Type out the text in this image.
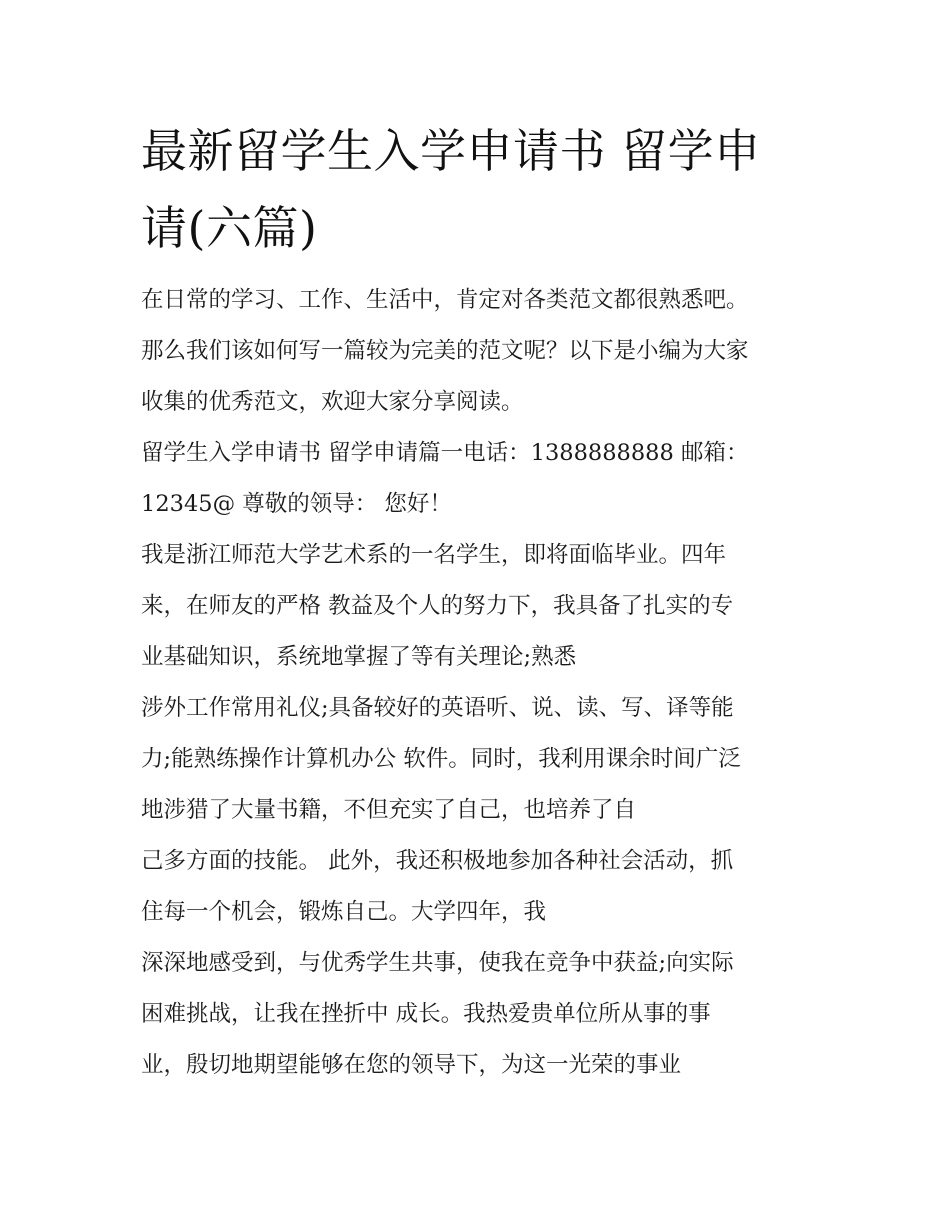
最新留学生入学申请书 留学申
请(六篇)
在日常的学习、工作、生活中，肯定对各类范文都很熟悉吧。
那么我们该如何写一篇较为完美的范文呢？以下是小编为大家
收集的优秀范文，欢迎大家分享阅读。
留学生入学申请书 留学申请篇一电话：1388888888 邮箱：
12345@ 尊敬的领导： 您好！
我是浙江师范大学艺术系的一名学生，即将面临毕业。四年
来，在师友的严格 教益及个人的努力下，我具备了扎实的专
业基础知识，系统地掌握了等有关理论;熟悉
涉外工作常用礼仪;具备较好的英语听、说、读、写、译等能
力;能熟练操作计算机办公 软件。同时，我利用课余时间广泛
地涉猎了大量书籍，不但充实了自己，也培养了自
己多方面的技能。 此外，我还积极地参加各种社会活动，抓
住每一个机会，锻炼自己。大学四年，我
深深地感受到，与优秀学生共事，使我在竞争中获益;向实际
困难挑战，让我在挫折中 成长。我热爱贵单位所从事的事
业，殷切地期望能够在您的领导下，为这一光荣的事业
